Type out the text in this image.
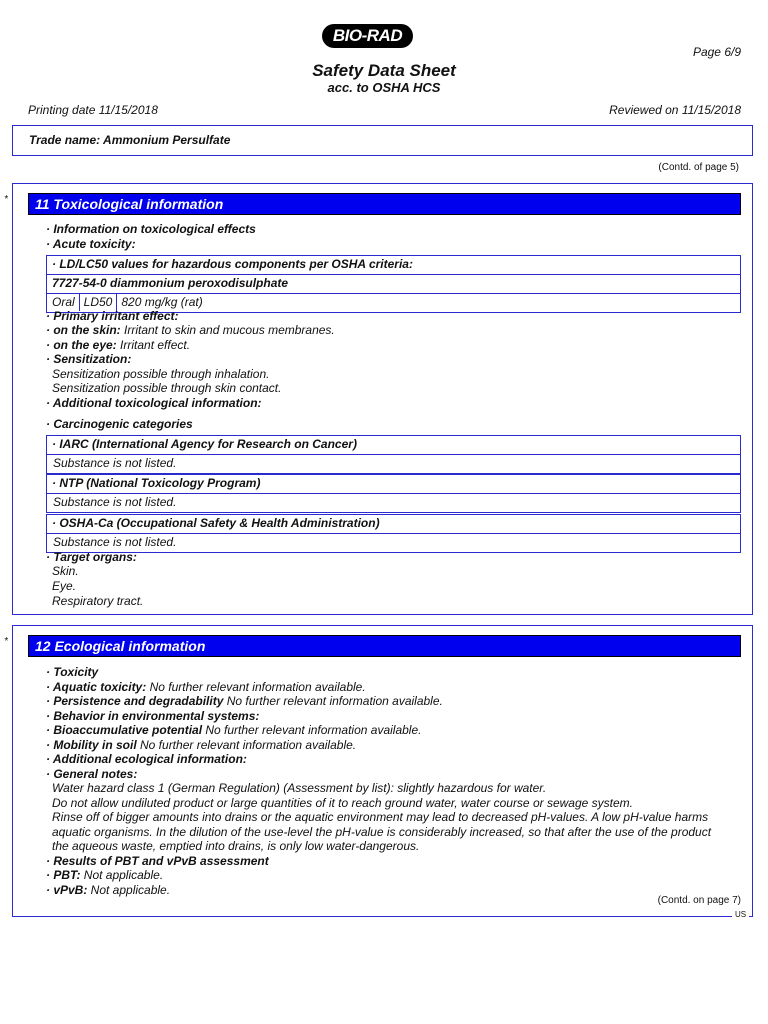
BIO-RAD
Page 6/9
Safety Data Sheet
acc. to OSHA HCS
Printing date 11/15/2018	Reviewed on 11/15/2018
Trade name: Ammonium Persulfate
(Contd. of page 5)
*	11 Toxicological information
· Information on toxicological effects
· Acute toxicity:
· LD/LC50 values for hazardous components per OSHA criteria:
7727-54-0 diammonium peroxodisulphate
Oral LD50 820 mg/kg (rat)
· Primary irritant effect:
· on the skin: Irritant to skin and mucous membranes.
· on the eye: Irritant effect.
· Sensitization:
Sensitization possible through inhalation.
Sensitization possible through skin contact.
· Additional toxicological information:
· Carcinogenic categories
· IARC (International Agency for Research on Cancer)
Substance is not listed.
· NTP (National Toxicology Program)
Substance is not listed.
· OSHA-Ca (Occupational Safety & Health Administration)
Substance is not listed.
· Target organs:
Skin.
Eye.
Respiratory tract.
*	12 Ecological information
· Toxicity
· Aquatic toxicity: No further relevant information available.
· Persistence and degradability No further relevant information available.
· Behavior in environmental systems:
· Bioaccumulative potential No further relevant information available.
· Mobility in soil No further relevant information available.
· Additional ecological information:
· General notes:
Water hazard class 1 (German Regulation) (Assessment by list): slightly hazardous for water.
Do not allow undiluted product or large quantities of it to reach ground water, water course or sewage system.
Rinse off of bigger amounts into drains or the aquatic environment may lead to decreased pH-values. A low pH-value harms
aquatic organisms. In the dilution of the use-level the pH-value is considerably increased, so that after the use of the product
the aqueous waste, emptied into drains, is only low water-dangerous.
· Results of PBT and vPvB assessment
· PBT: Not applicable.
· vPvB: Not applicable.
(Contd. on page 7)
US
